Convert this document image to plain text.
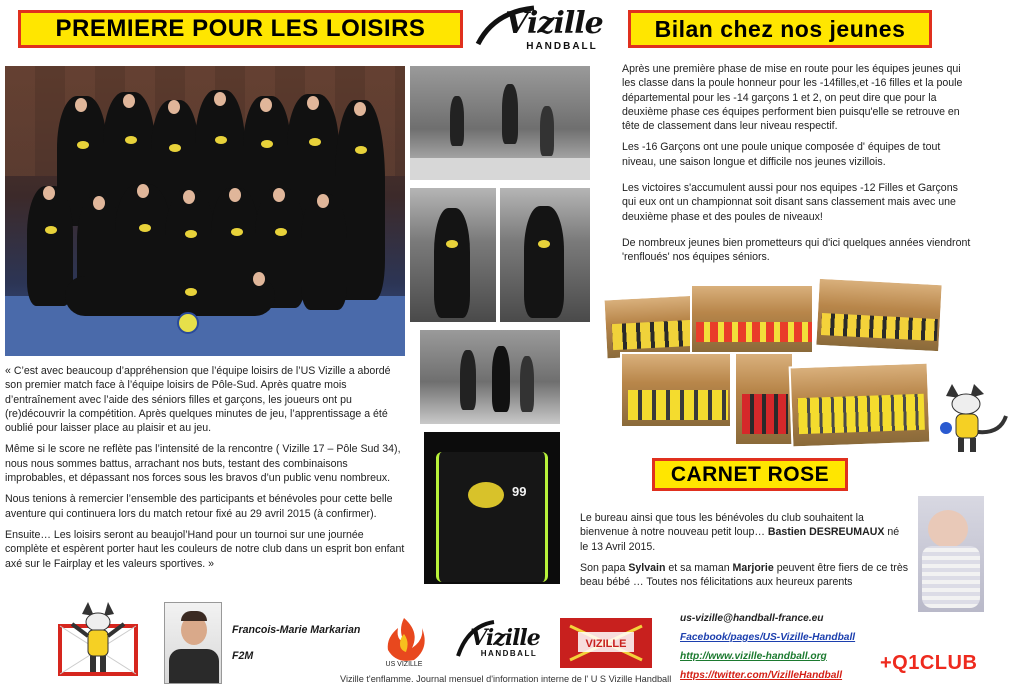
PREMIERE POUR LES LOISIRS	Bilan chez nos jeunes
CARNET ROSE
Vizille
HANDBALL
99

« C’est avec beaucoup d’appréhension que l’équipe loisirs de l’US Vizille a abordé son premier match face à l’équipe loisirs de Pôle-Sud. Après quatre mois d’entraînement avec l’aide des séniors filles et garçons, les joueurs ont pu (re)découvrir la compétition. Après quelques minutes de jeu, l’apprentissage a été oublié pour laisser place au plaisir et au jeu.

Même si le score ne reflète pas l’intensité de la rencontre ( Vizille 17 – Pôle Sud 34), nous nous sommes battus, arrachant nos buts, testant des combinaisons improbables, et dépassant nos forces sous les bravos d’un public venu nombreux.

Nous tenions à remercier l’ensemble des participants et bénévoles pour cette belle aventure qui continuera lors du match retour fixé au 29 avril 2015 (à confirmer).

Ensuite… Les loisirs seront au beaujol’Hand pour un tournoi sur une journée complète et espèrent porter haut les couleurs de notre club dans un esprit bon enfant axé sur le Fairplay et les valeurs sportives. »

Après une première phase de mise en route pour les équipes jeunes qui les classe dans la poule honneur pour les -14filles,et -16 filles et la poule départemental pour les -14 garçons 1 et 2, on peut dire que pour la deuxième phase ces équipes performent bien puisqu'elle se retrouve en tête de classement dans leur niveau respectif.

Les -16 Garçons ont une poule unique composée d' équipes de tout niveau, une saison longue et difficile nos jeunes vizillois.

Les victoires s'accumulent aussi pour nos equipes -12 Filles et Garçons qui eux ont un championnat soit disant sans classement mais avec une deuxième phase et des poules de niveaux!

De nombreux jeunes bien prometteurs qui d'ici quelques années viendront 'renfloués' nos équipes séniors.

Le bureau ainsi que tous les bénévoles du club souhaitent la bienvenue à notre nouveau petit loup… Bastien DESREUMAUX né le 13 Avril 2015.

Son papa Sylvain et sa maman Marjorie peuvent être fiers de ce très beau bébé … Toutes nos félicitations aux heureux parents

Francois-Marie Markarian
F2M
US VIZILLE
Vizille
HANDBALL
VIZILLE
us-vizille@handball-france.eu
Facebook/pages/US-Vizille-Handball
http://www.vizille-handball.org
https://twitter.com/VizilleHandball
+Q1CLUB
Vizille t'enflamme. Journal mensuel d'information interne de l' U S Vizille Handball
